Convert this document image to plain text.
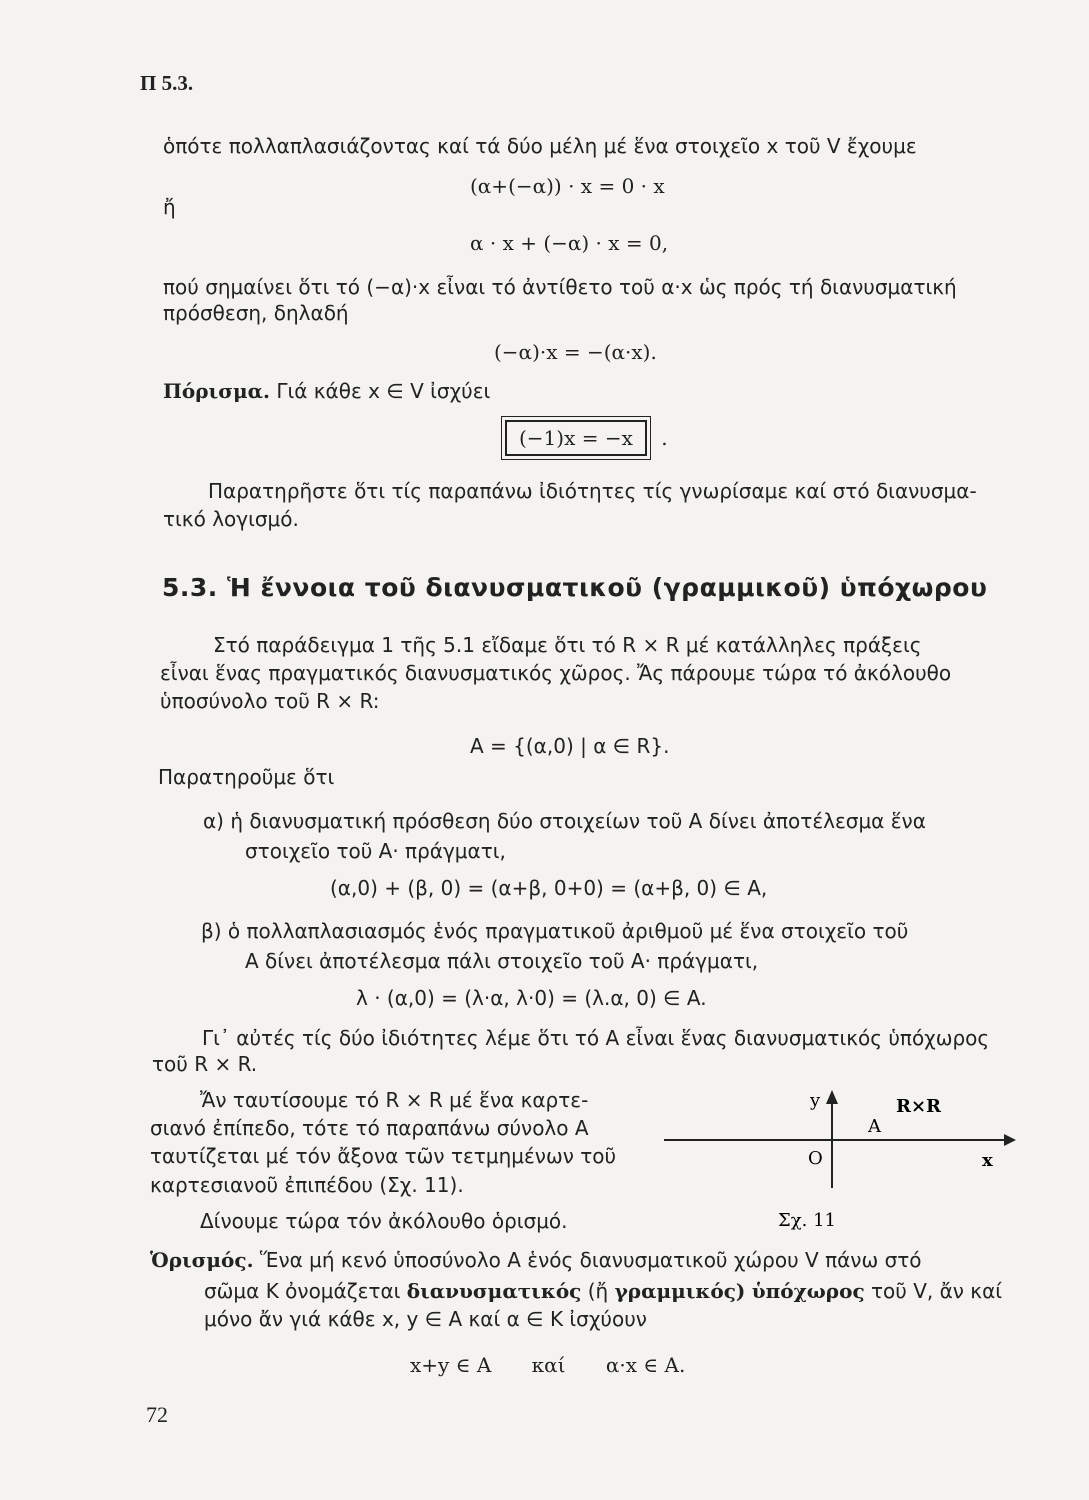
Π 5.3.
ὁπότε πολλαπλασιάζοντας καί τά δύο μέλη μέ ἕνα στοιχεῖο x τοῦ V ἔχουμε
(α+(−α)) · x = 0 · x
ἤ
α · x + (−α) · x = 0,
πού σημαίνει ὅτι τό (−α)·x εἶναι τό ἀντίθετο τοῦ α·x ὡς πρός τή διανυσματική
πρόσθεση, δηλαδή
(−α)·x = −(α·x).
Πόρισμα. Γιά κάθε x ∈ V ἰσχύει
(−1)x = −x .
Παρατηρῆστε ὅτι τίς παραπάνω ἰδιότητες τίς γνωρίσαμε καί στό διανυσμα-
τικό λογισμό.
5.3. Ἡ ἔννοια τοῦ διανυσματικοῦ (γραμμικοῦ) ὑπόχωρου
Στό παράδειγμα 1 τῆς 5.1 εἴδαμε ὅτι τό R × R μέ κατάλληλες πράξεις
εἶναι ἕνας πραγματικός διανυσματικός χῶρος. Ἄς πάρουμε τώρα τό ἀκόλουθο
ὑποσύνολο τοῦ R × R:
A = {(α,0) | α ∈ R}.
Παρατηροῦμε ὅτι
α) ἡ διανυσματική πρόσθεση δύο στοιχείων τοῦ Α δίνει ἀποτέλεσμα ἕνα
στοιχεῖο τοῦ Α· πράγματι,
(α,0) + (β, 0) = (α+β, 0+0) = (α+β, 0) ∈ A,
β) ὁ πολλαπλασιασμός ἑνός πραγματικοῦ ἀριθμοῦ μέ ἕνα στοιχεῖο τοῦ
Α δίνει ἀποτέλεσμα πάλι στοιχεῖο τοῦ Α· πράγματι,
λ · (α,0) = (λ·α, λ·0) = (λ.α, 0) ∈ A.
Γι᾽ αὐτές τίς δύο ἰδιότητες λέμε ὅτι τό Α εἶναι ἕνας διανυσματικός ὑπόχωρος
τοῦ R × R.
Ἄν ταυτίσουμε τό R × R μέ ἕνα καρτε-
σιανό ἐπίπεδο, τότε τό παραπάνω σύνολο Α
ταυτίζεται μέ τόν ἄξονα τῶν τετμημένων τοῦ
καρτεσιανοῦ ἐπιπέδου (Σχ. 11).
Δίνουμε τώρα τόν ἀκόλουθο ὁρισμό.
y	R×R
A
O	x
Σχ. 11
Ὁρισμός. Ἕνα μή κενό ὑποσύνολο Α ἑνός διανυσματικοῦ χώρου V πάνω στό
σῶμα K ὀνομάζεται διανυσματικός (ἤ γραμμικός) ὑπόχωρος τοῦ V, ἄν καί
μόνο ἄν γιά κάθε x, y ∈ A καί α ∈ K ἰσχύουν
x+y ∈ A καί α·x ∈ A.
72
